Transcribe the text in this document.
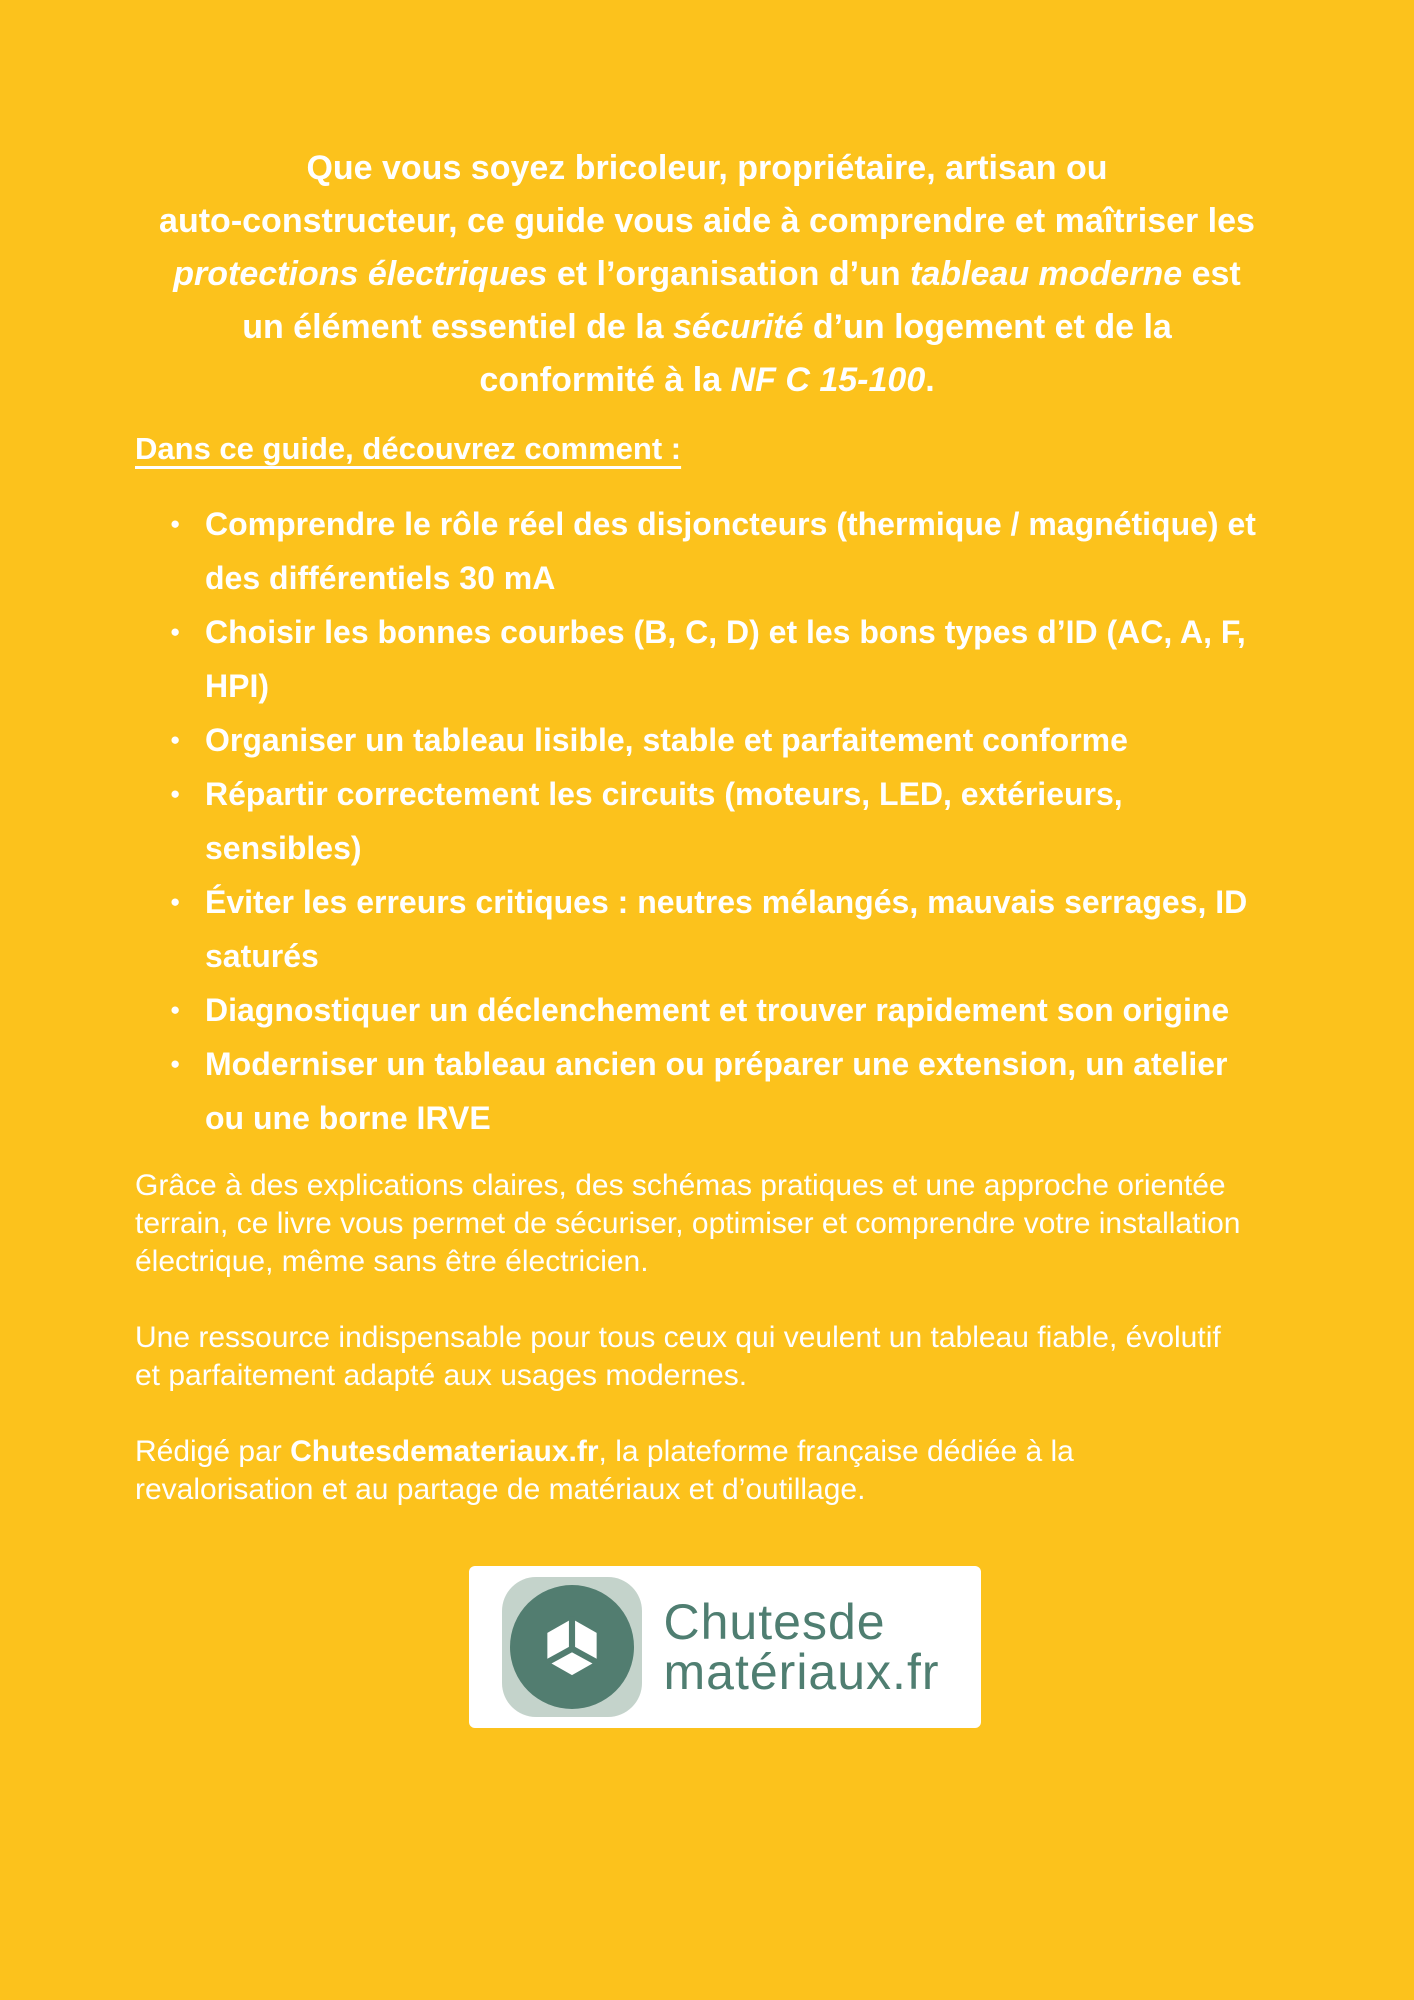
Que vous soyez bricoleur, propriétaire, artisan ou
auto-constructeur, ce guide vous aide à comprendre et maîtriser les
protections électriques et l’organisation d’un tableau moderne est
un élément essentiel de la sécurité d’un logement et de la
conformité à la NF C 15-100.
Dans ce guide, découvrez comment :
● Comprendre le rôle réel des disjoncteurs (thermique / magnétique) et des différentiels 30 mA
● Choisir les bonnes courbes (B, C, D) et les bons types d’ID (AC, A, F, HPI)
● Organiser un tableau lisible, stable et parfaitement conforme
● Répartir correctement les circuits (moteurs, LED, extérieurs, sensibles)
● Éviter les erreurs critiques : neutres mélangés, mauvais serrages, ID saturés
● Diagnostiquer un déclenchement et trouver rapidement son origine
● Moderniser un tableau ancien ou préparer une extension, un atelier ou une borne IRVE

Grâce à des explications claires, des schémas pratiques et une approche orientée terrain, ce livre vous permet de sécuriser, optimiser et comprendre votre installation électrique, même sans être électricien.

Une ressource indispensable pour tous ceux qui veulent un tableau fiable, évolutif et parfaitement adapté aux usages modernes.

Rédigé par Chutesdemateriaux.fr, la plateforme française dédiée à la revalorisation et au partage de matériaux et d’outillage.

Chutesde
matériaux.fr
